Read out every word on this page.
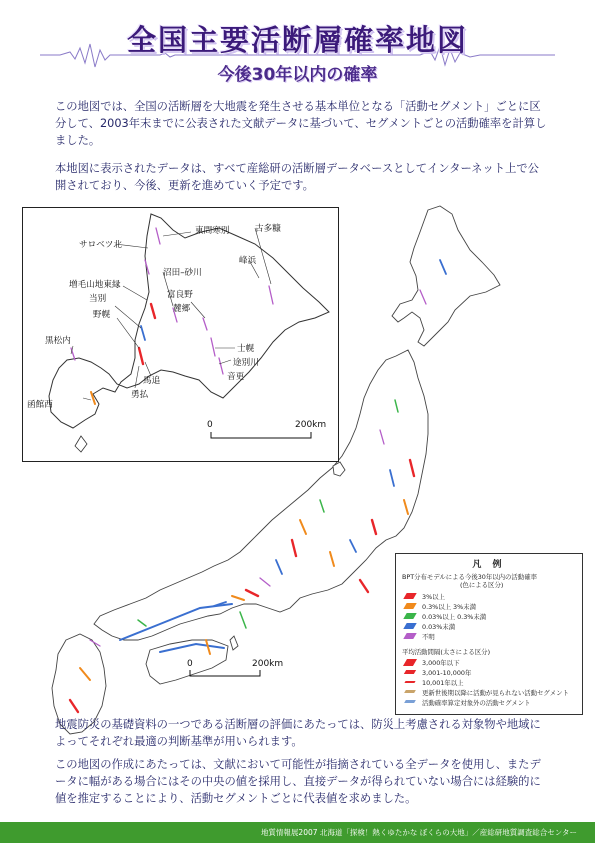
全国主要活断層確率地図
今後30年以内の確率
この地図では、全国の活断層を大地震を発生させる基本単位となる「活動セグメント」ごとに区分して、2003年末までに公表された文献データに基づいて、セグメントごとの活動確率を計算しました。
本地図に表示されたデータは、すべて産総研の活断層データベースとしてインターネット上で公開されており、今後、更新を進めていく予定です。
0	200km
東問寒別
サロベツ北
古多糠
峰浜
沼田–砂川
増毛山地東縁
当別	富良野
麓郷
野幌
黒松内
士幌
途別川
馬追	音更
勇払
函館西
0	200km
凡 例
BPT分布モデルによる今後30年以内の活動確率
(色による区分)
3%以上
0.3%以上 3%未満
0.03%以上 0.3%未満
0.03%未満
不明
平均活動間隔(太さによる区分)
3,000年以下
3,001-10,000年
10,001年以上
更新世後期以降に活動が見られない活動セグメント
活動確率算定対象外の活動セグメント
地震防災の基礎資料の一つである活断層の評価にあたっては、防災上考慮される対象物や地域によってそれぞれ最適の判断基準が用いられます。
この地図の作成にあたっては、文献において可能性が指摘されている全データを使用し、またデータに幅がある場合にはその中央の値を採用し、直接データが得られていない場合には経験的に値を推定することにより、活動セグメントごとに代表値を求めました。
地質情報展2007 北海道「探検！熱くゆたかな ぼくらの大地」／産総研地質調査総合センター
